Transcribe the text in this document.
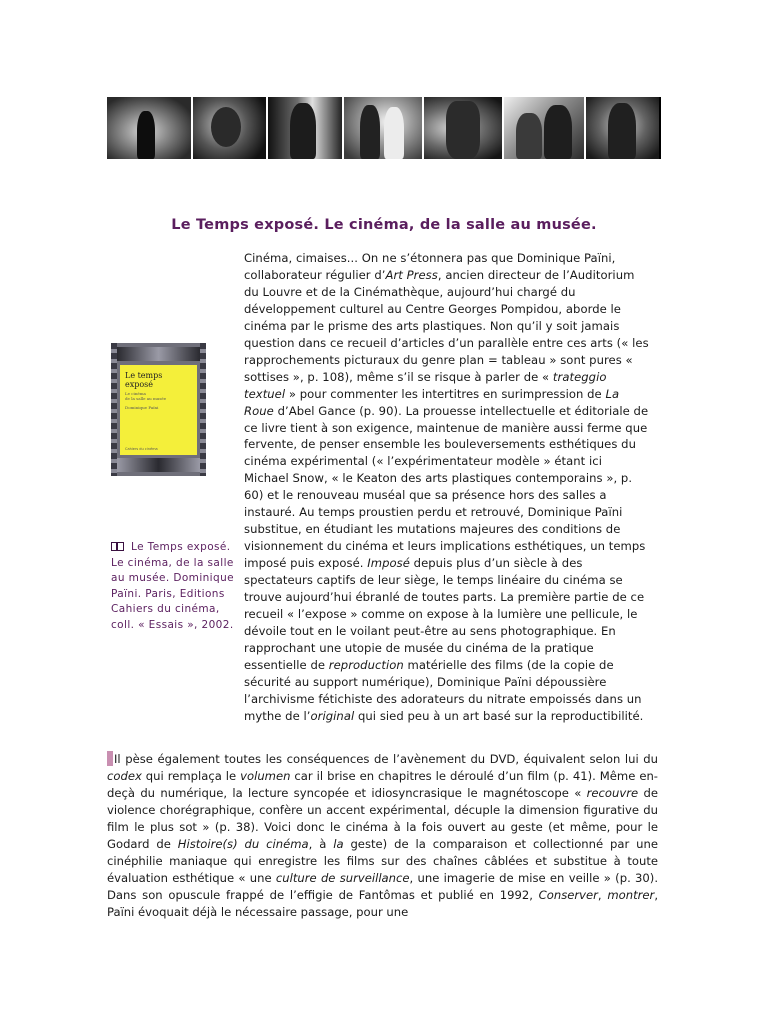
Le Temps exposé. Le cinéma, de la salle au musée.
Le temps exposé
Le cinéma
de la salle au musée
Dominique Païni
Cahiers du cinéma
Le Temps exposé. Le cinéma, de la salle au musée. Dominique Païni. Paris, Editions Cahiers du cinéma, coll. « Essais », 2002.

Cinéma, cimaises... On ne s’étonnera pas que Dominique Païni, collaborateur régulier d’Art Press, ancien directeur de l’Auditorium du Louvre et de la Cinémathèque, aujourd’hui chargé du développement culturel au Centre Georges Pompidou, aborde le cinéma par le prisme des arts plastiques. Non qu’il y soit jamais question dans ce recueil d’articles d’un parallèle entre ces arts (« les rapprochements picturaux du genre plan = tableau » sont pures « sottises », p. 108), même s’il se risque à parler de « trateggio textuel » pour commenter les intertitres en surimpression de La Roue d’Abel Gance (p. 90). La prouesse intellectuelle et éditoriale de ce livre tient à son exigence, maintenue de manière aussi ferme que fervente, de penser ensemble les bouleversements esthétiques du cinéma expérimental (« l’expérimentateur modèle » étant ici Michael Snow, « le Keaton des arts plastiques contemporains », p. 60) et le renouveau muséal que sa présence hors des salles a instauré. Au temps proustien perdu et retrouvé, Dominique Païni substitue, en étudiant les mutations majeures des conditions de visionnement du cinéma et leurs implications esthétiques, un temps imposé puis exposé. Imposé depuis plus d’un siècle à des spectateurs captifs de leur siège, le temps linéaire du cinéma se trouve aujourd’hui ébranlé de toutes parts. La première partie de ce recueil « l’expose » comme on expose à la lumière une pellicule, le dévoile tout en le voilant peut-être au sens photographique. En rapprochant une utopie de musée du cinéma de la pratique essentielle de reproduction matérielle des films (de la copie de sécurité au support numérique), Dominique Païni dépoussière l’archivisme fétichiste des adorateurs du nitrate empoissés dans un mythe de l’original qui sied peu à un art basé sur la reproductibilité.

Il pèse également toutes les conséquences de l’avènement du DVD, équivalent selon lui du codex qui remplaça le volumen car il brise en chapitres le déroulé d’un film (p. 41). Même en-deçà du numérique, la lecture syncopée et idiosyncrasique le magnétoscope « recouvre de violence chorégraphique, confère un accent expérimental, décuple la dimension figurative du film le plus sot » (p. 38). Voici donc le cinéma à la fois ouvert au geste (et même, pour le Godard de Histoire(s) du cinéma, à la geste) de la comparaison et collectionné par une cinéphilie maniaque qui enregistre les films sur des chaînes câblées et substitue à toute évaluation esthétique « une culture de surveillance, une imagerie de mise en veille » (p. 30). Dans son opuscule frappé de l’effigie de Fantômas et publié en 1992, Conserver, montrer, Païni évoquait déjà le nécessaire passage, pour une
